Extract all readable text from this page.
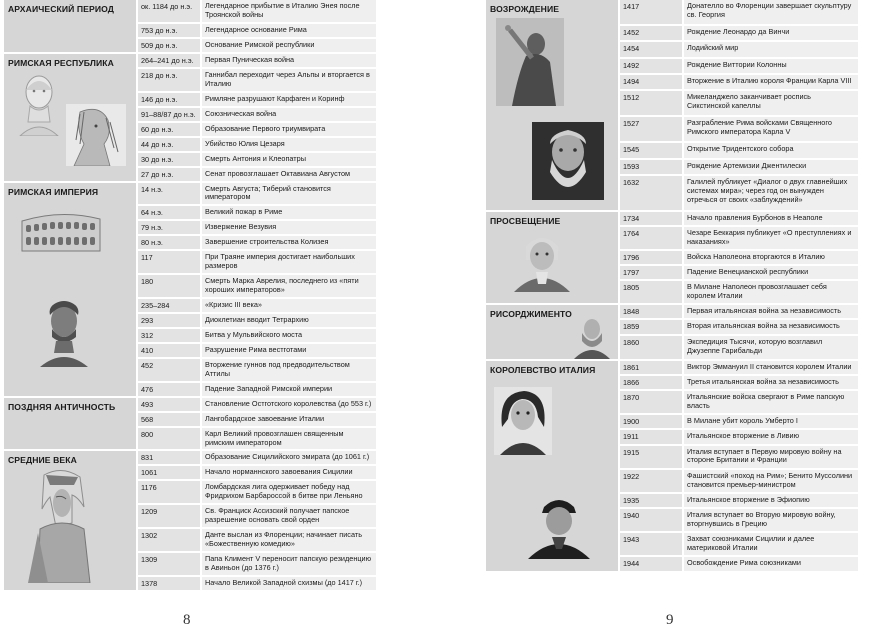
АРХАИЧЕСКИЙ ПЕРИОД	ок. 1184 до н.э.	Легендарное прибытие в Италию Энея после Троянской войны
	753 до н.э.	Легендарное основание Рима
	509 до н.э.	Основание Римской республики

РИМСКАЯ РЕСПУБЛИКА	264–241 до н.э.	Первая Пуническая война
	218 до н.э.	Ганнибал переходит через Альпы и вторгается в Италию
	146 до н.э.	Римляне разрушают Карфаген и Коринф
	91–88/87 до н.э.	Союзническая война
	60 до н.э.	Образование Первого триумвирата
	44 до н.э.	Убийство Юлия Цезаря
	30 до н.э.	Смерть Антония и Клеопатры
	27 до н.э.	Сенат провозглашает Октавиана Августом

РИМСКАЯ ИМПЕРИЯ	14 н.э.	Смерть Августа; Тиберий становится императором
	64 н.э.	Великий пожар в Риме
	79 н.э.	Извержение Везувия
	80 н.э.	Завершение строительства Колизея
	117	При Траяне империя достигает наибольших размеров
	180	Смерть Марка Аврелия, последнего из «пяти хороших императоров»
	235–284	«Кризис III века»
	293	Диоклетиан вводит Тетрархию
	312	Битва у Мульвийского моста
	410	Разрушение Рима вестготами
	452	Вторжение гуннов под предводительством Аттилы
	476	Падение Западной Римской империи

ПОЗДНЯЯ АНТИЧНОСТЬ	493	Становление Остготского королевства (до 553 г.)
	568	Лангобардское завоевание Италии
	800	Карл Великий провозглашен священным римским императором

СРЕДНИЕ ВЕКА	831	Образование Сицилийского эмирата (до 1061 г.)
	1061	Начало норманнского завоевания Сицилии
	1176	Ломбардская лига одерживает победу над Фридрихом Барбароссой в битве при Леньяно
	1209	Св. Франциск Ассизский получает папское разрешение основать свой орден
	1302	Данте выслан из Флоренции; начинает писать «Божественную комедию»
	1309	Папа Климент V переносит папскую резиденцию в Авиньон (до 1376 г.)
	1378	Начало Великой Западной схизмы (до 1417 г.)
8
ВОЗРОЖДЕНИЕ	1417	Донателло во Флоренции завершает скульптуру св. Георгия
	1452	Рождение Леонардо да Винчи
	1454	Лодийский мир
	1492	Рождение Виттории Колонны
	1494	Вторжение в Италию короля Франции Карла VIII
	1512	Микеланджело заканчивает роспись Сикстинской капеллы
	1527	Разграбление Рима войсками Священного Римского императора Карла V
	1545	Открытие Тридентского собора
	1593	Рождение Артемизии Джентилески
	1632	Галилей публикует «Диалог о двух главнейших системах мира»; через год он вынужден отречься от своих «заблуждений»

ПРОСВЕЩЕНИЕ	1734	Начало правления Бурбонов в Неаполе
	1764	Чезаре Беккария публикует «О преступлениях и наказаниях»
	1796	Войска Наполеона вторгаются в Италию
	1797	Падение Венецианской республики
	1805	В Милане Наполеон провозглашает себя королем Италии

РИСОРДЖИМЕНТО	1848	Первая итальянская война за независимость
	1859	Вторая итальянская война за независимость
	1860	Экспедиция Тысячи, которую возглавил Джузеппе Гарибальди

КОРОЛЕВСТВО ИТАЛИЯ	1861	Виктор Эммануил II становится королем Италии
	1866	Третья итальянская война за независимость
	1870	Итальянские войска свергают в Риме папскую власть
	1900	В Милане убит король Умберто I
	1911	Итальянское вторжение в Ливию
	1915	Италия вступает в Первую мировую войну на стороне Британии и Франции
	1922	Фашистский «поход на Рим»; Бенито Муссолини становится премьер-министром
	1935	Итальянское вторжение в Эфиопию
	1940	Италия вступает во Вторую мировую войну, вторгнувшись в Грецию
	1943	Захват союзниками Сицилии и далее материковой Италии
	1944	Освобождение Рима союзниками
9
